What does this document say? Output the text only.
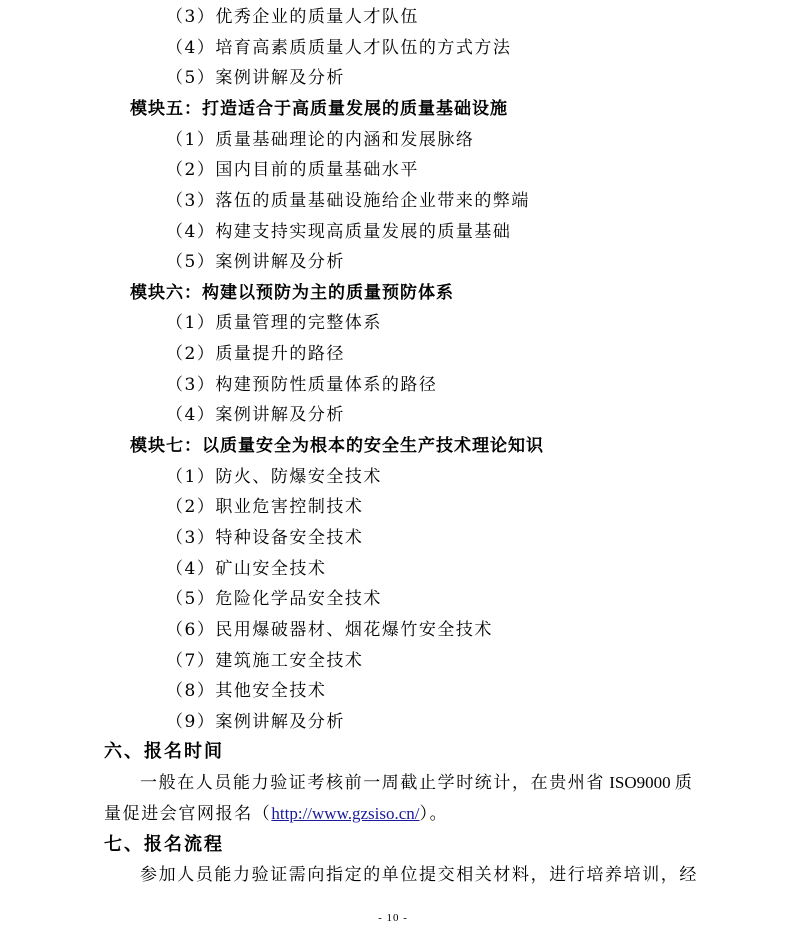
（3）优秀企业的质量人才队伍
（4）培育高素质质量人才队伍的方式方法
（5）案例讲解及分析
模块五：打造适合于高质量发展的质量基础设施
（1）质量基础理论的内涵和发展脉络
（2）国内目前的质量基础水平
（3）落伍的质量基础设施给企业带来的弊端
（4）构建支持实现高质量发展的质量基础
（5）案例讲解及分析
模块六：构建以预防为主的质量预防体系
（1）质量管理的完整体系
（2）质量提升的路径
（3）构建预防性质量体系的路径
（4）案例讲解及分析
模块七：以质量安全为根本的安全生产技术理论知识
（1）防火、防爆安全技术
（2）职业危害控制技术
（3）特种设备安全技术
（4）矿山安全技术
（5）危险化学品安全技术
（6）民用爆破器材、烟花爆竹安全技术
（7）建筑施工安全技术
（8）其他安全技术
（9）案例讲解及分析
六、报名时间
一般在人员能力验证考核前一周截止学时统计，在贵州省 ISO9000 质
量促进会官网报名（http://www.gzsiso.cn/）。
七、报名流程
参加人员能力验证需向指定的单位提交相关材料，进行培养培训，经
- 10 -
